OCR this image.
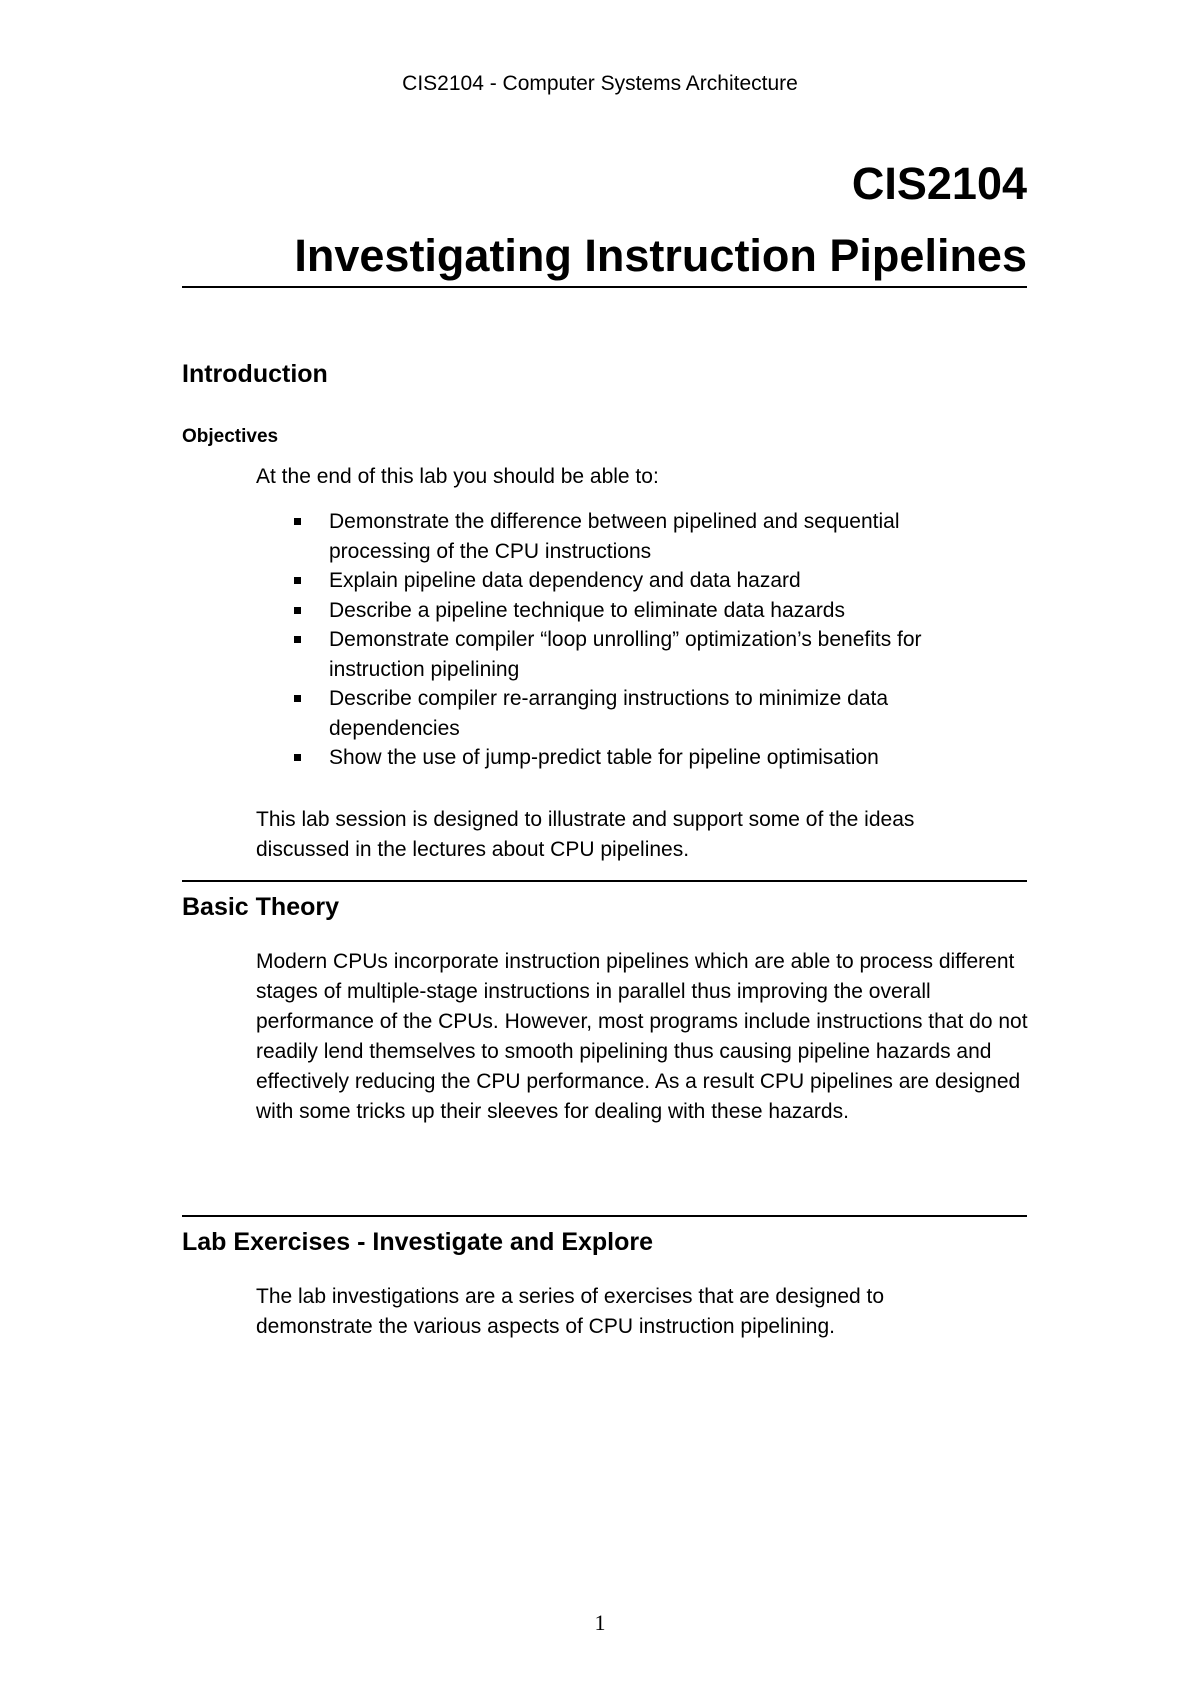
CIS2104 - Computer Systems Architecture
CIS2104
Investigating Instruction Pipelines
Introduction
Objectives
At the end of this lab you should be able to:
Demonstrate the difference between pipelined and sequential processing of the CPU instructions
Explain pipeline data dependency and data hazard
Describe a pipeline technique to eliminate data hazards
Demonstrate compiler “loop unrolling” optimization’s benefits for instruction pipelining
Describe compiler re-arranging instructions to minimize data dependencies
Show the use of jump-predict table for pipeline optimisation
This lab session is designed to illustrate and support some of the ideas discussed in the lectures about CPU pipelines.
Basic Theory
Modern CPUs incorporate instruction pipelines which are able to process different stages of multiple-stage instructions in parallel thus improving the overall performance of the CPUs. However, most programs include instructions that do not readily lend themselves to smooth pipelining thus causing pipeline hazards and effectively reducing the CPU performance. As a result CPU pipelines are designed with some tricks up their sleeves for dealing with these hazards.
Lab Exercises - Investigate and Explore
The lab investigations are a series of exercises that are designed to demonstrate the various aspects of CPU instruction pipelining.
1
